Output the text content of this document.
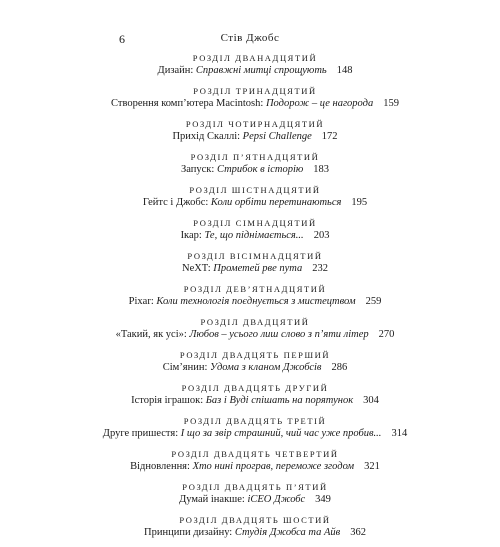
6	Стів Джобс
РОЗДІЛ ДВАНАДЦЯТИЙ
Дизайн: Справжні митці спрощують 148
РОЗДІЛ ТРИНАДЦЯТИЙ
Створення комп’ютера Macintosh: Подорож – це нагорода 159
РОЗДІЛ ЧОТИРНАДЦЯТИЙ
Прихід Скаллі: Pepsi Challenge 172
РОЗДІЛ П’ЯТНАДЦЯТИЙ
Запуск: Стрибок в історію 183
РОЗДІЛ ШІСТНАДЦЯТИЙ
Гейтс і Джобс: Коли орбіти перетинаються 195
РОЗДІЛ СІМНАДЦЯТИЙ
Ікар: Те, що піднімається... 203
РОЗДІЛ ВІСІМНАДЦЯТИЙ
NeXT: Прометей рве пута 232
РОЗДІЛ ДЕВ’ЯТНАДЦЯТИЙ
Pixar: Коли технологія поєднується з мистецтвом 259
РОЗДІЛ ДВАДЦЯТИЙ
«Такий, як усі»: Любов – усього лиш слово з п’яти літер 270
РОЗДІЛ ДВАДЦЯТЬ ПЕРШИЙ
Сім’янин: Удома з кланом Джобсів 286
РОЗДІЛ ДВАДЦЯТЬ ДРУГИЙ
Історія іграшок: Баз і Вуді спішать на порятунок 304
РОЗДІЛ ДВАДЦЯТЬ ТРЕТІЙ
Друге пришестя: І що за звір страшний, чий час уже пробив... 314
РОЗДІЛ ДВАДЦЯТЬ ЧЕТВЕРТИЙ
Відновлення: Хто нині програв, переможе згодом 321
РОЗДІЛ ДВАДЦЯТЬ П’ЯТИЙ
Думай інакше: iCEO Джобс 349
РОЗДІЛ ДВАДЦЯТЬ ШОСТИЙ
Принципи дизайну: Студія Джобса та Айв 362
